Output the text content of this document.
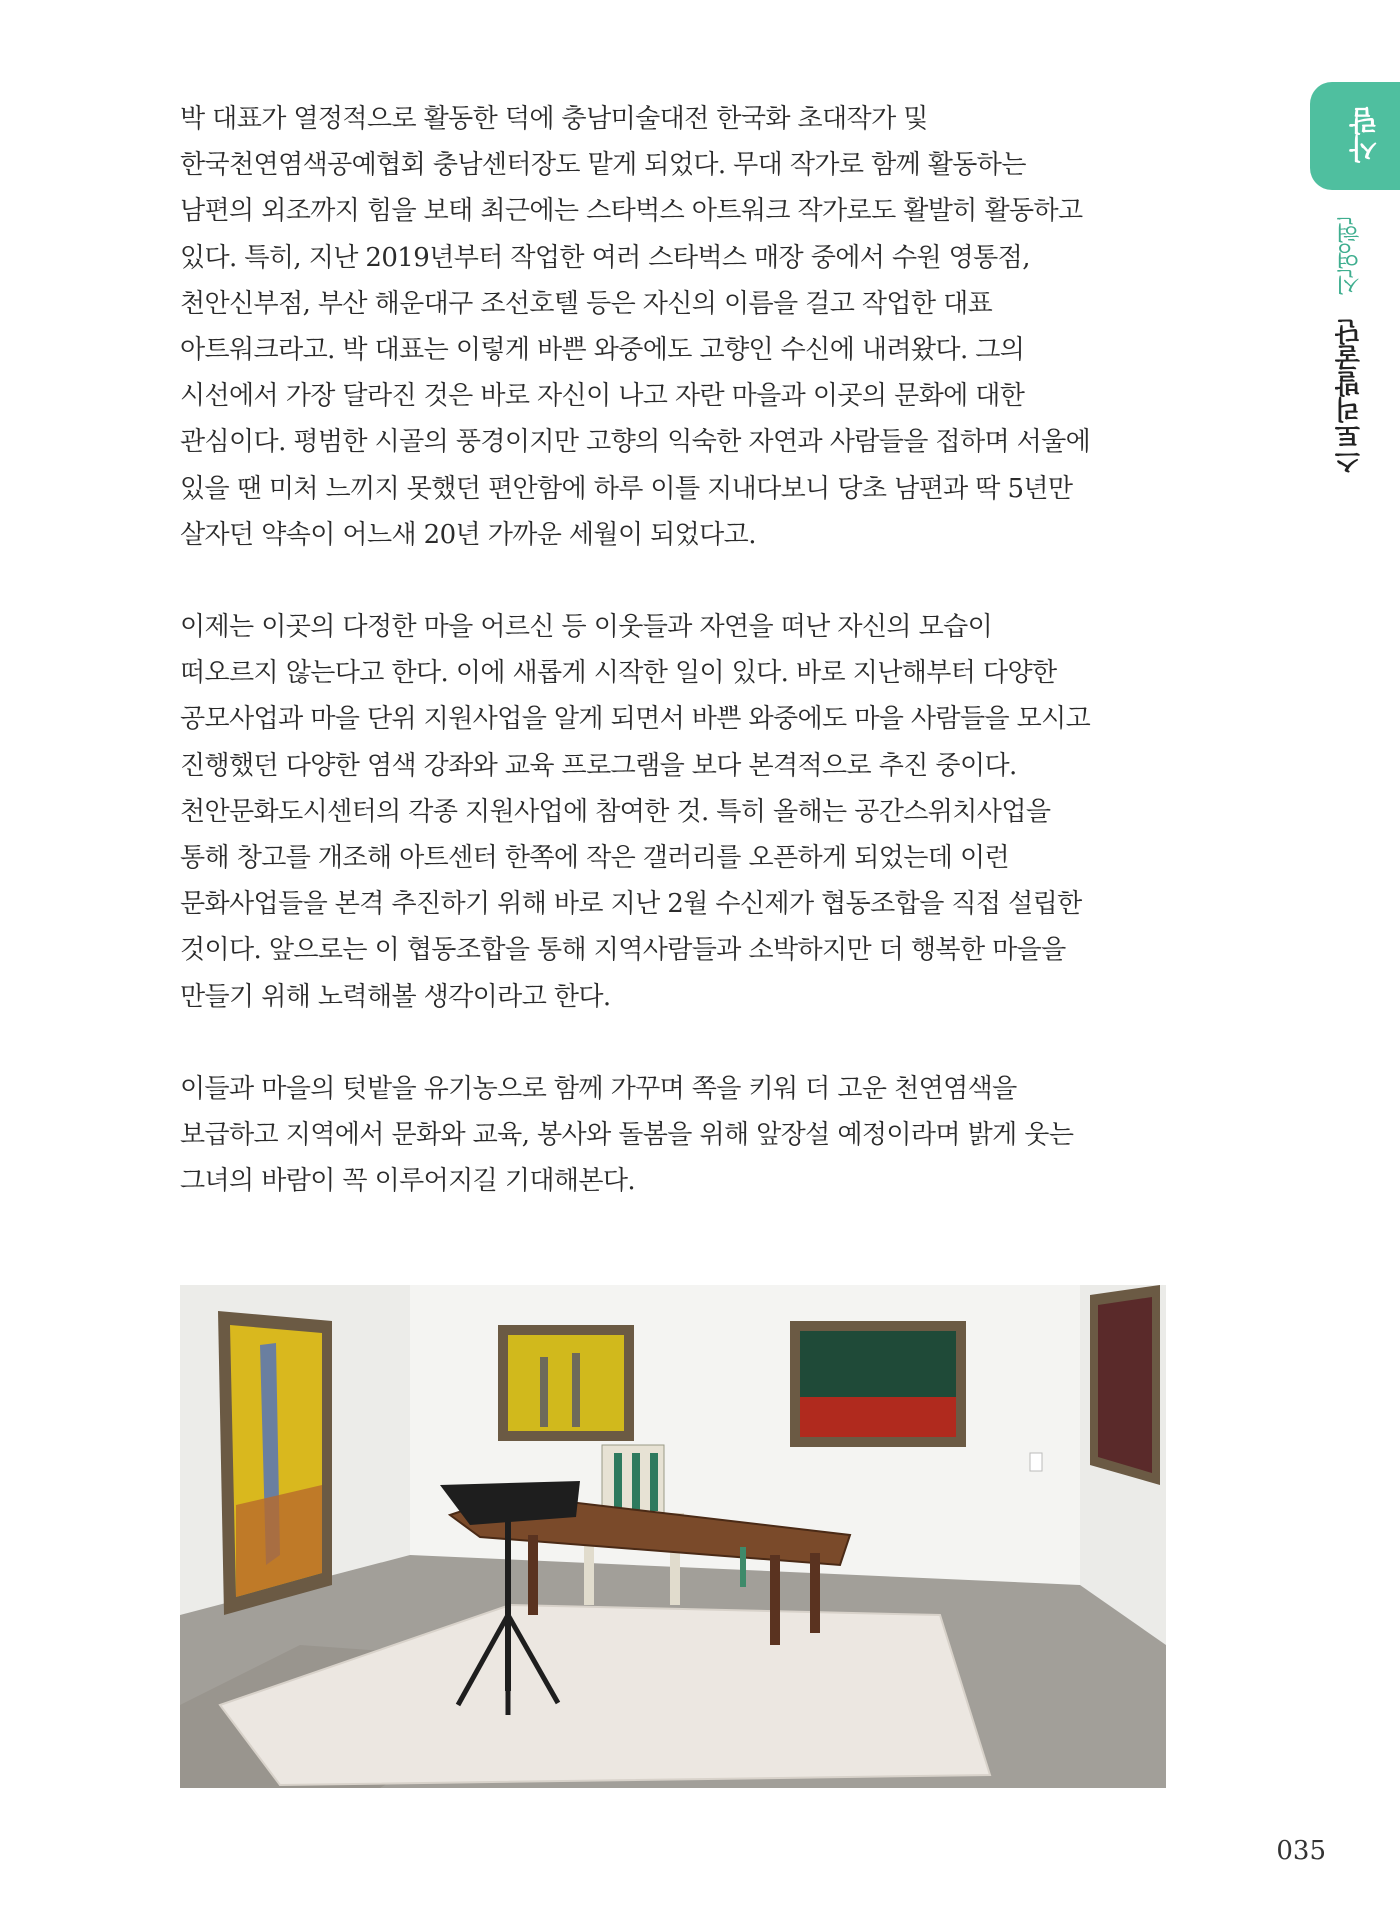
사람
스토리발굴단 신영현

박 대표가 열정적으로 활동한 덕에 충남미술대전 한국화 초대작가 및
한국천연염색공예협회 충남센터장도 맡게 되었다. 무대 작가로 함께 활동하는
남편의 외조까지 힘을 보태 최근에는 스타벅스 아트워크 작가로도 활발히 활동하고
있다. 특히, 지난 2019년부터 작업한 여러 스타벅스 매장 중에서 수원 영통점,
천안신부점, 부산 해운대구 조선호텔 등은 자신의 이름을 걸고 작업한 대표
아트워크라고. 박 대표는 이렇게 바쁜 와중에도 고향인 수신에 내려왔다. 그의
시선에서 가장 달라진 것은 바로 자신이 나고 자란 마을과 이곳의 문화에 대한
관심이다. 평범한 시골의 풍경이지만 고향의 익숙한 자연과 사람들을 접하며 서울에
있을 땐 미처 느끼지 못했던 편안함에 하루 이틀 지내다보니 당초 남편과 딱 5년만
살자던 약속이 어느새 20년 가까운 세월이 되었다고.

이제는 이곳의 다정한 마을 어르신 등 이웃들과 자연을 떠난 자신의 모습이
떠오르지 않는다고 한다. 이에 새롭게 시작한 일이 있다. 바로 지난해부터 다양한
공모사업과 마을 단위 지원사업을 알게 되면서 바쁜 와중에도 마을 사람들을 모시고
진행했던 다양한 염색 강좌와 교육 프로그램을 보다 본격적으로 추진 중이다.
천안문화도시센터의 각종 지원사업에 참여한 것. 특히 올해는 공간스위치사업을
통해 창고를 개조해 아트센터 한쪽에 작은 갤러리를 오픈하게 되었는데 이런
문화사업들을 본격 추진하기 위해 바로 지난 2월 수신제가 협동조합을 직접 설립한
것이다. 앞으로는 이 협동조합을 통해 지역사람들과 소박하지만 더 행복한 마을을
만들기 위해 노력해볼 생각이라고 한다.

이들과 마을의 텃밭을 유기농으로 함께 가꾸며 쪽을 키워 더 고운 천연염색을
보급하고 지역에서 문화와 교육, 봉사와 돌봄을 위해 앞장설 예정이라며 밝게 웃는
그녀의 바람이 꼭 이루어지길 기대해본다.

035
